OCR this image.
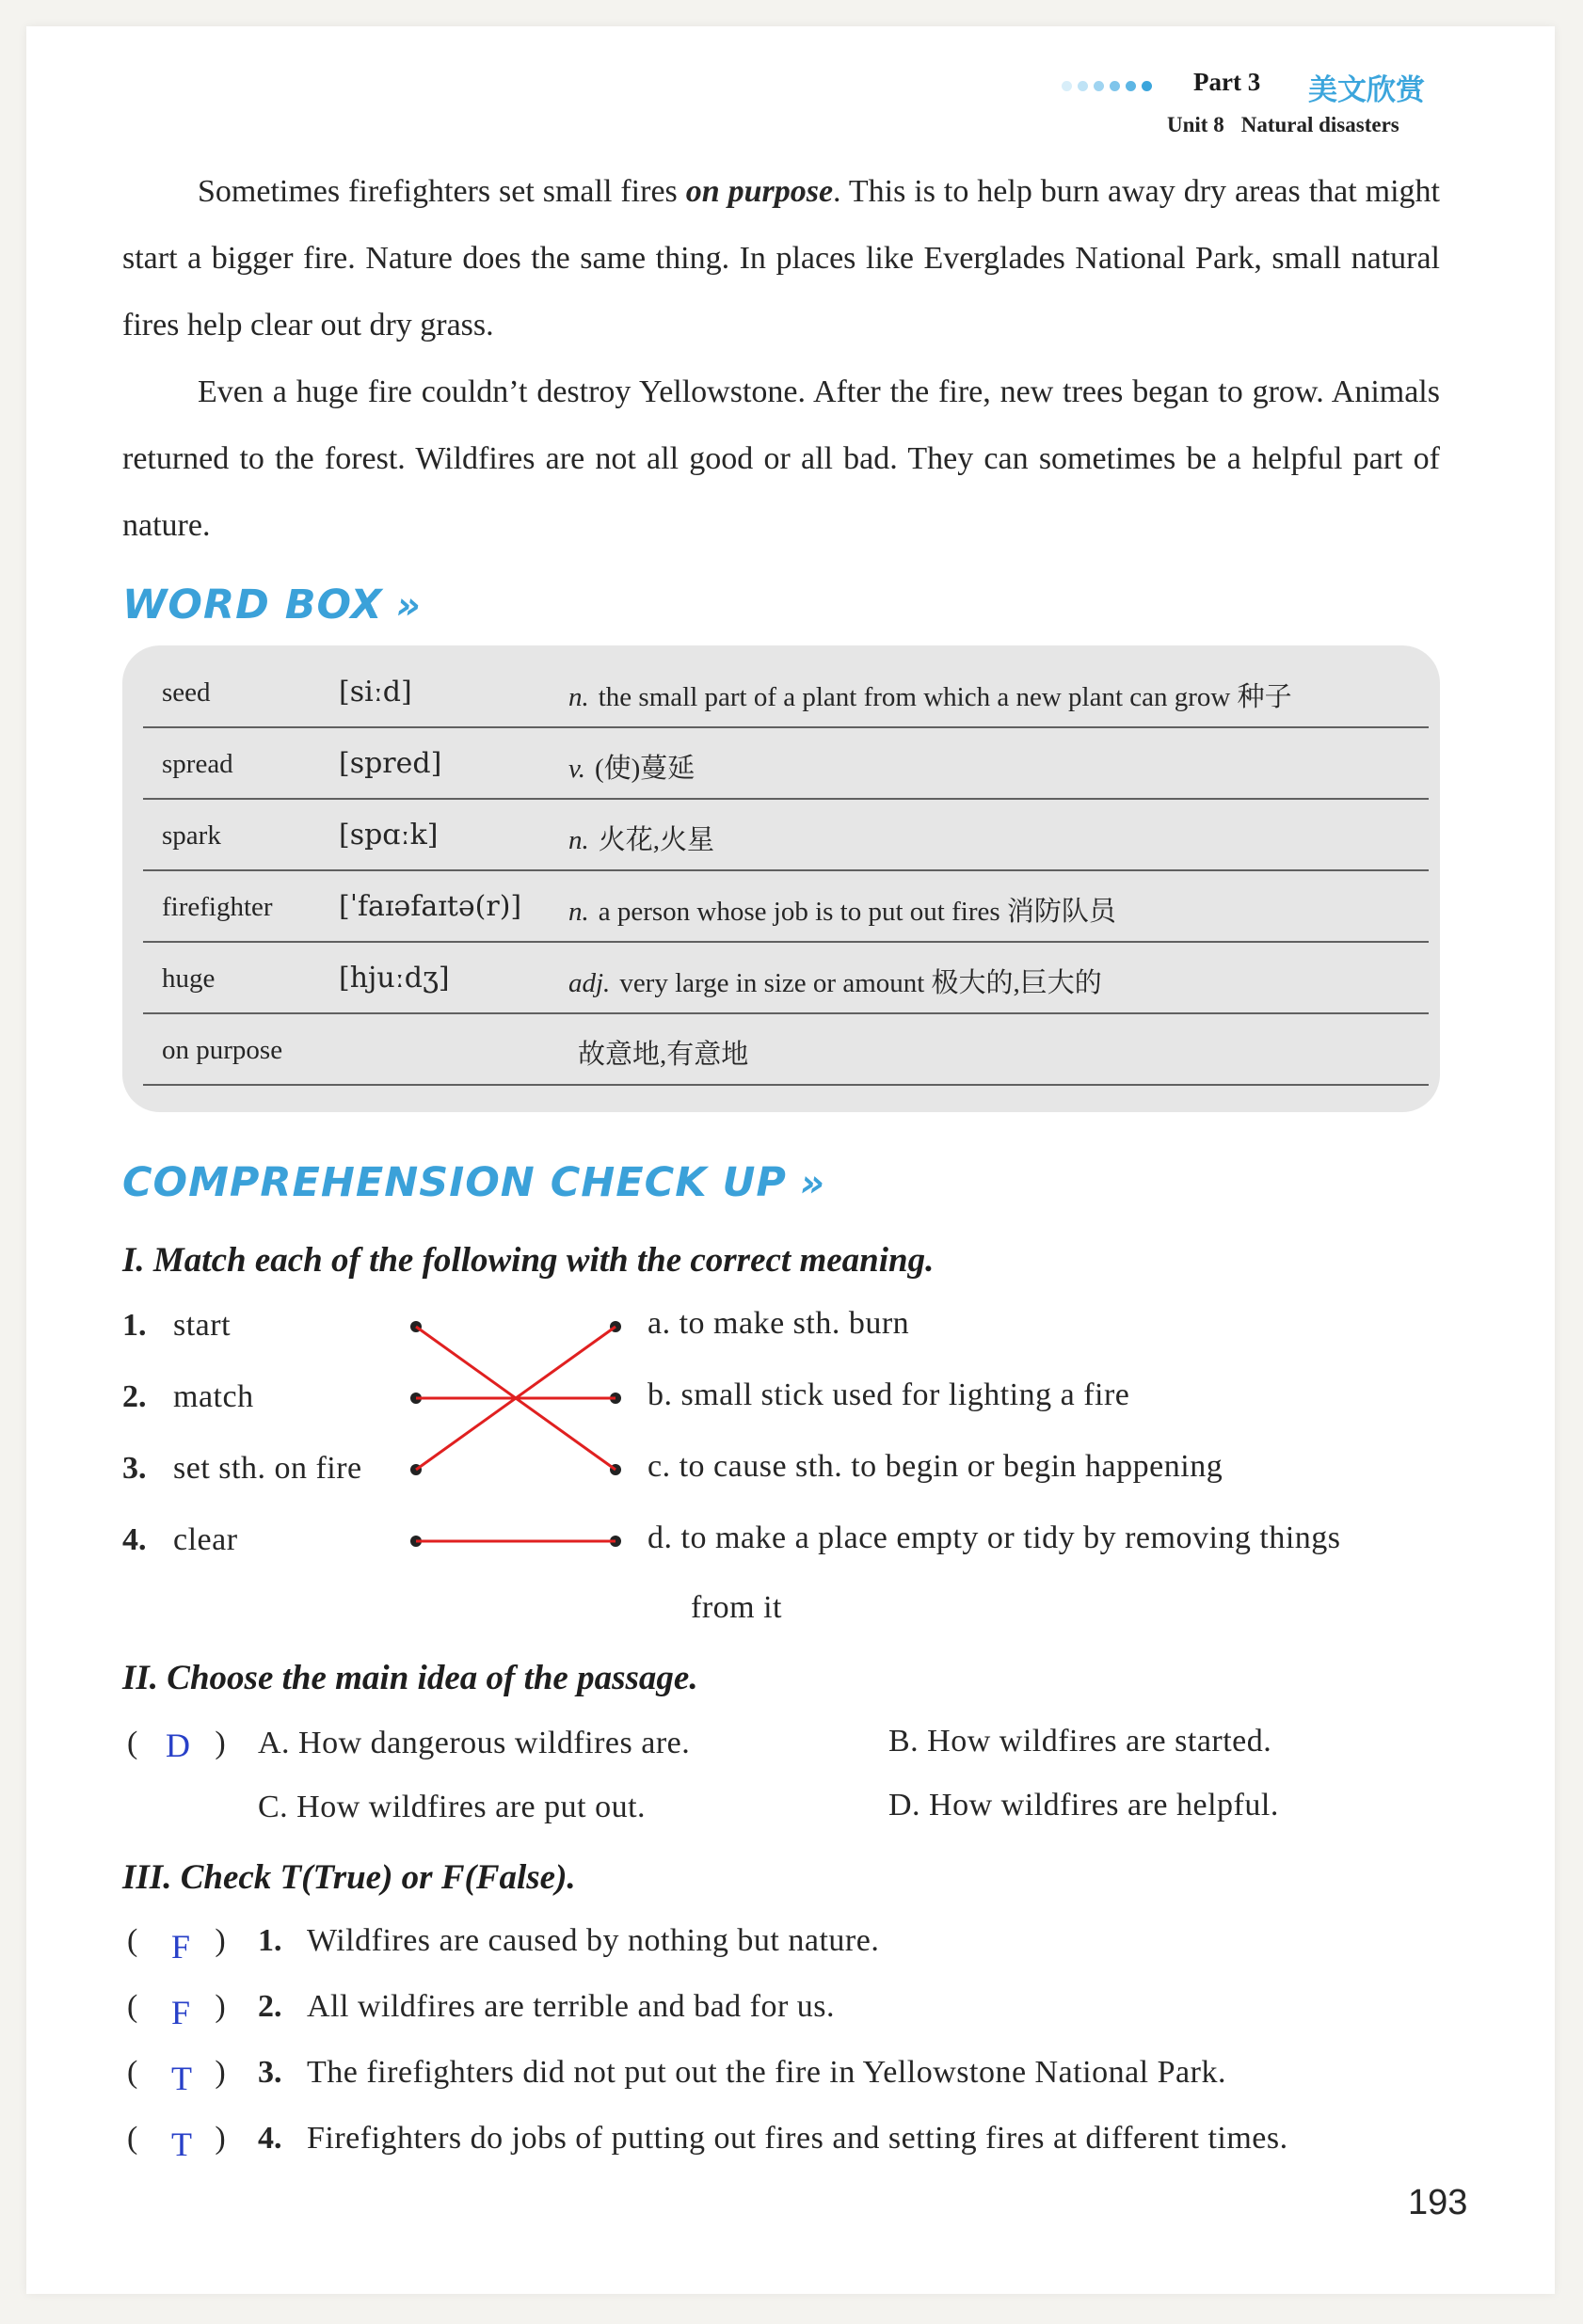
Part 3 美文欣赏
Unit 8 Natural disasters

Sometimes firefighters set small fires on purpose. This is to help burn away dry areas that might start a bigger fire. Nature does the same thing. In places like Everglades National Park, small natural fires help clear out dry grass.

Even a huge fire couldn’t destroy Yellowstone. After the fire, new trees began to grow. Animals returned to the forest. Wildfires are not all good or all bad. They can sometimes be a helpful part of nature.

WORD BOX »
seed	[siːd]	n. the small part of a plant from which a new plant can grow 种子
spread	[spred]	v. (使)蔓延
spark	[spɑːk]	n. 火花,火星
firefighter [ˈfaɪəfaɪtə(r)] n. a person whose job is to put out fires 消防队员
huge	[hjuːdʒ]	adj. very large in size or amount 极大的,巨大的
on purpose	故意地,有意地
COMPREHENSION CHECK UP »
I. Match each of the following with the correct meaning.
1. start
2. match
3. set sth. on fire
4. clear
a. to make sth. burn
b. small stick used for lighting a fire
c. to cause sth. to begin or begin happening
d. to make a place empty or tidy by removing things
from it
II. Choose the main idea of the passage.
( )
D A. How dangerous wildfires are.	B. How wildfires are started.
C. How wildfires are put out.	D. How wildfires are helpful.
III. Check T(True) or F(False).
( )
F 1. Wildfires are caused by nothing but nature.
( )
F 2. All wildfires are terrible and bad for us.
( )
T 3. The firefighters did not put out the fire in Yellowstone National Park.
( )
T 4. Firefighters do jobs of putting out fires and setting fires at different times.
193
